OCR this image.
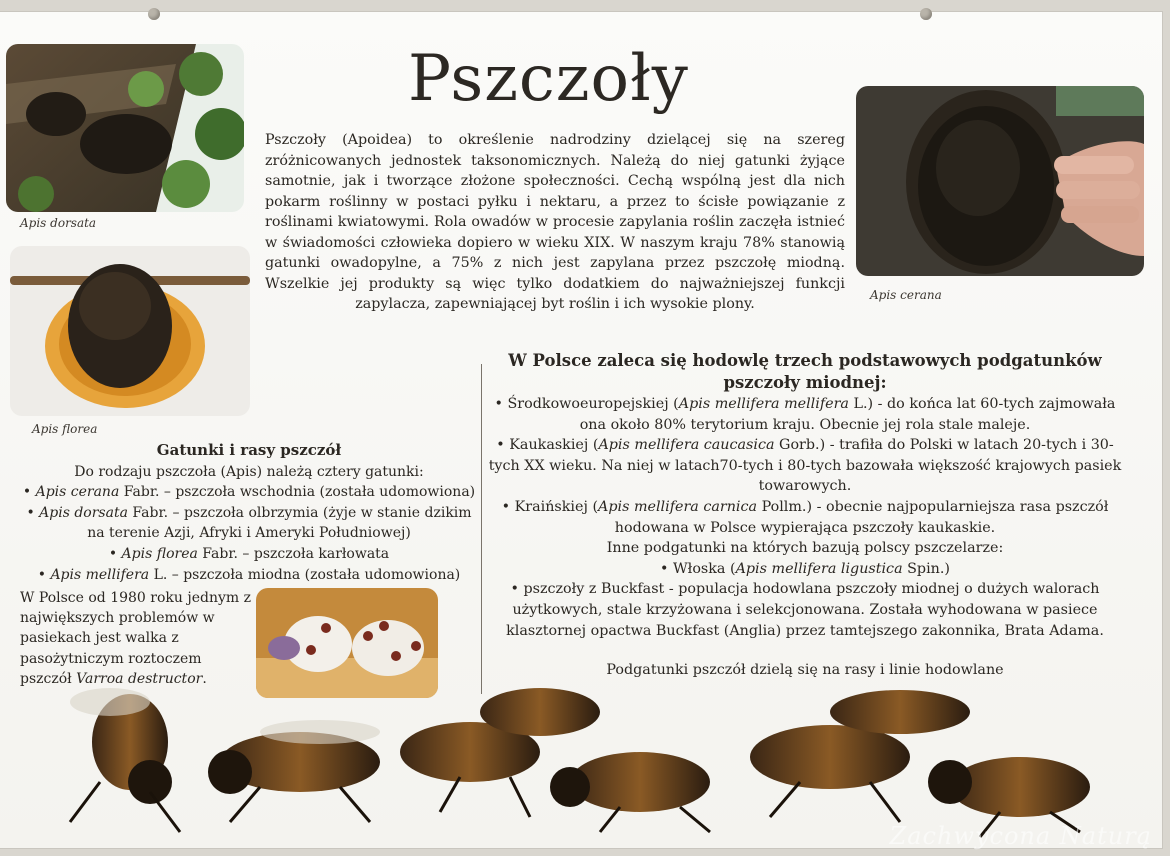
Apis dorsata
Apis florea
Pszczoły
Pszczoły (Apoidea) to określenie nadrodziny dzielącej się na szereg zróżnicowanych jednostek taksonomicznych. Należą do niej gatunki żyjące samotnie, jak i tworzące złożone społeczności. Cechą wspólną jest dla nich pokarm roślinny w postaci pyłku i nektaru, a przez to ścisłe powiązanie z roślinami kwiatowymi. Rola owadów w procesie zapylania roślin zaczęła istnieć w świadomości człowieka dopiero w wieku XIX. W naszym kraju 78% stanowią gatunki owadopylne, a 75% z nich jest zapylana przez pszczołę miodną. Wszelkie jej produkty są więc tylko dodatkiem do najważniejszej funkcji zapylacza, zapewniającej byt roślin i ich wysokie plony.
Apis cerana
Gatunki i rasy pszczół
Do rodzaju pszczoła (Apis) należą cztery gatunki:
• Apis cerana Fabr. – pszczoła wschodnia (została udomowiona)
• Apis dorsata Fabr. – pszczoła olbrzymia (żyje w stanie dzikim na terenie Azji, Afryki i Ameryki Południowej)
• Apis florea Fabr. – pszczoła karłowata
• Apis mellifera L. – pszczoła miodna (została udomowiona)
W Polsce od 1980 roku jednym z największych problemów w pasiekach jest walka z pasożytniczym roztoczem pszczół Varroa destructor.
W Polsce zaleca się hodowlę trzech podstawowych podgatunków pszczoły miodnej:
• Środkowoeuropejskiej (Apis mellifera mellifera L.) - do końca lat 60-tych zajmowała ona około 80% terytorium kraju. Obecnie jej rola stale maleje.
• Kaukaskiej (Apis mellifera caucasica Gorb.) - trafiła do Polski w latach 20-tych i 30-tych XX wieku. Na niej w latach70-tych i 80-tych bazowała większość krajowych pasiek towarowych.
• Kraińskiej (Apis mellifera carnica Pollm.) - obecnie najpopularniejsza rasa pszczół hodowana w Polsce wypierająca pszczoły kaukaskie.
Inne podgatunki na których bazują polscy pszczelarze:
• Włoska (Apis mellifera ligustica Spin.)
• pszczoły z Buckfast - populacja hodowlana pszczoły miodnej o dużych walorach użytkowych, stale krzyżowana i selekcjonowana. Została wyhodowana w pasiece klasztornej opactwa Buckfast (Anglia) przez tamtejszego zakonnika, Brata Adama.
Podgatunki pszczół dzielą się na rasy i linie hodowlane
Zachwycona Naturą
